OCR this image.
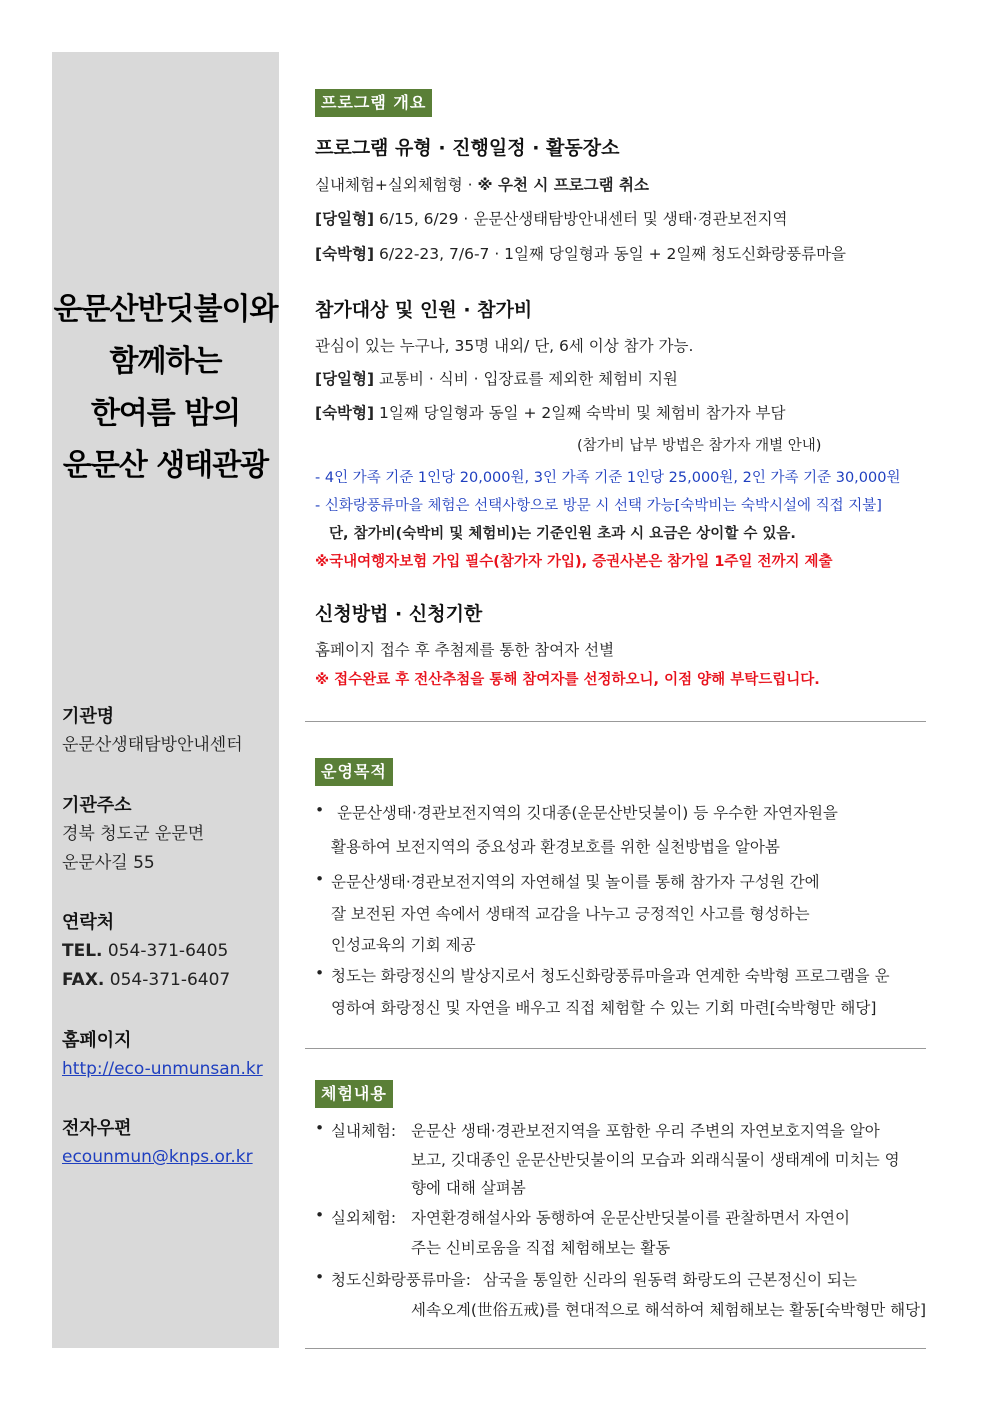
운문산반딧불이와
함께하는
한여름 밤의
운문산 생태관광
기관명
운문산생태탐방안내센터
기관주소
경북 청도군 운문면
운문사길 55
연락처
TEL. 054-371-6405
FAX. 054-371-6407
홈페이지
http://eco-unmunsan.kr
전자우편
ecounmun@knps.or.kr
프로그램 개요
프로그램 유형 · 진행일정 · 활동장소
실내체험+실외체험형 · ※ 우천 시 프로그램 취소
[당일형] 6/15, 6/29 · 운문산생태탐방안내센터 및 생태·경관보전지역
[숙박형] 6/22-23, 7/6-7 · 1일째 당일형과 동일 + 2일째 청도신화랑풍류마을
참가대상 및 인원 · 참가비
관심이 있는 누구나, 35명 내외/ 단, 6세 이상 참가 가능.
[당일형] 교통비 · 식비 · 입장료를 제외한 체험비 지원
[숙박형] 1일째 당일형과 동일 + 2일째 숙박비 및 체험비 참가자 부담
(참가비 납부 방법은 참가자 개별 안내)
- 4인 가족 기준 1인당 20,000원, 3인 가족 기준 1인당 25,000원, 2인 가족 기준 30,000원
- 신화랑풍류마을 체험은 선택사항으로 방문 시 선택 가능[숙박비는 숙박시설에 직접 지불]
단, 참가비(숙박비 및 체험비)는 기준인원 초과 시 요금은 상이할 수 있음.
※국내여행자보험 가입 필수(참가자 가입), 증권사본은 참가일 1주일 전까지 제출
신청방법 · 신청기한
홈페이지 접수 후 추첨제를 통한 참여자 선별
※ 접수완료 후 전산추첨을 통해 참여자를 선정하오니, 이점 양해 부탁드립니다.
운영목적
• 운문산생태·경관보전지역의 깃대종(운문산반딧불이) 등 우수한 자연자원을
활용하여 보전지역의 중요성과 환경보호를 위한 실천방법을 알아봄
• 운문산생태·경관보전지역의 자연해설 및 놀이를 통해 참가자 구성원 간에
잘 보전된 자연 속에서 생태적 교감을 나누고 긍정적인 사고를 형성하는
인성교육의 기회 제공
• 청도는 화랑정신의 발상지로서 청도신화랑풍류마을과 연계한 숙박형 프로그램을 운
영하여 화랑정신 및 자연을 배우고 직접 체험할 수 있는 기회 마련[숙박형만 해당]
체험내용
• 실내체험: 운문산 생태·경관보전지역을 포함한 우리 주변의 자연보호지역을 알아
보고, 깃대종인 운문산반딧불이의 모습과 외래식물이 생태계에 미치는 영
향에 대해 살펴봄
• 실외체험: 자연환경해설사와 동행하여 운문산반딧불이를 관찰하면서 자연이
주는 신비로움을 직접 체험해보는 활동
• 청도신화랑풍류마을: 삼국을 통일한 신라의 원동력 화랑도의 근본정신이 되는
세속오계(世俗五戒)를 현대적으로 해석하여 체험해보는 활동[숙박형만 해당]
